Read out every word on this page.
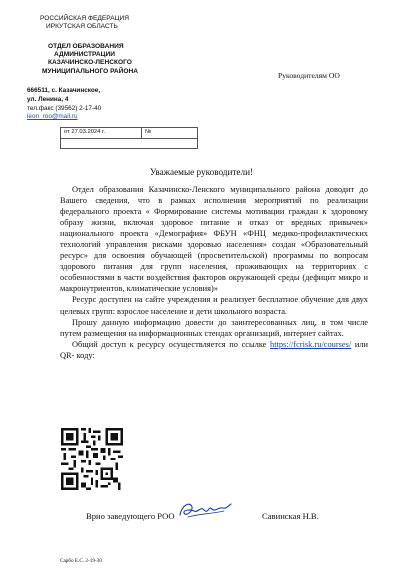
РОССИЙСКАЯ ФЕДЕРАЦИЯ
ИРКУТСКАЯ ОБЛАСТЬ
ОТДЕЛ ОБРАЗОВАНИЯ
АДМИНИСТРАЦИИ
КАЗАЧИНСКО-ЛЕНСКОГО
МУНИЦИПАЛЬНОГО РАЙОНА
666511, с. Казачинское,
ул. Ленина, 4
тел.факс (39562) 2-17-40
leon_roo@mail.ru
от 27.03.2024 г.	№
Руководителям ОО
Уважаемые руководители!

Отдел образования Казачинско-Ленского муниципального района доводит до Вашего сведения, что в рамках исполнения мероприятий по реализации федерального проекта « Формирование системы мотивации граждан к здоровому образу жизни, включая здоровое питание и отказ от вредных привычек» национального проекта «Демография» ФБУН «ФНЦ медико-профилактических технологий управления рисками здоровью населения» создан «Образовательный ресурс» для освоения обучающей (просветительской) программы по вопросам здорового питания для групп населения, проживающих на территориях с особенностями в части воздействия факторов окружающей среды (дефицит микро и макронутриентов, климатические условия)»

Ресурс доступен на сайте учреждения и реализует бесплатное обучение для двух целевых групп: взрослое население и дети школьного возраста.

Прошу данную информацию довести до заинтересованных лиц, в том числе путем размещения на информационных стендах организаций, интернет сайтах.

Общий доступ к ресурсу осуществляется по ссылке https://fcrisk.ru/courses/ или QR- коду:

Врио заведующего РОО	Савинская Н.В.
Сарбо Е.С. 2-19-30
